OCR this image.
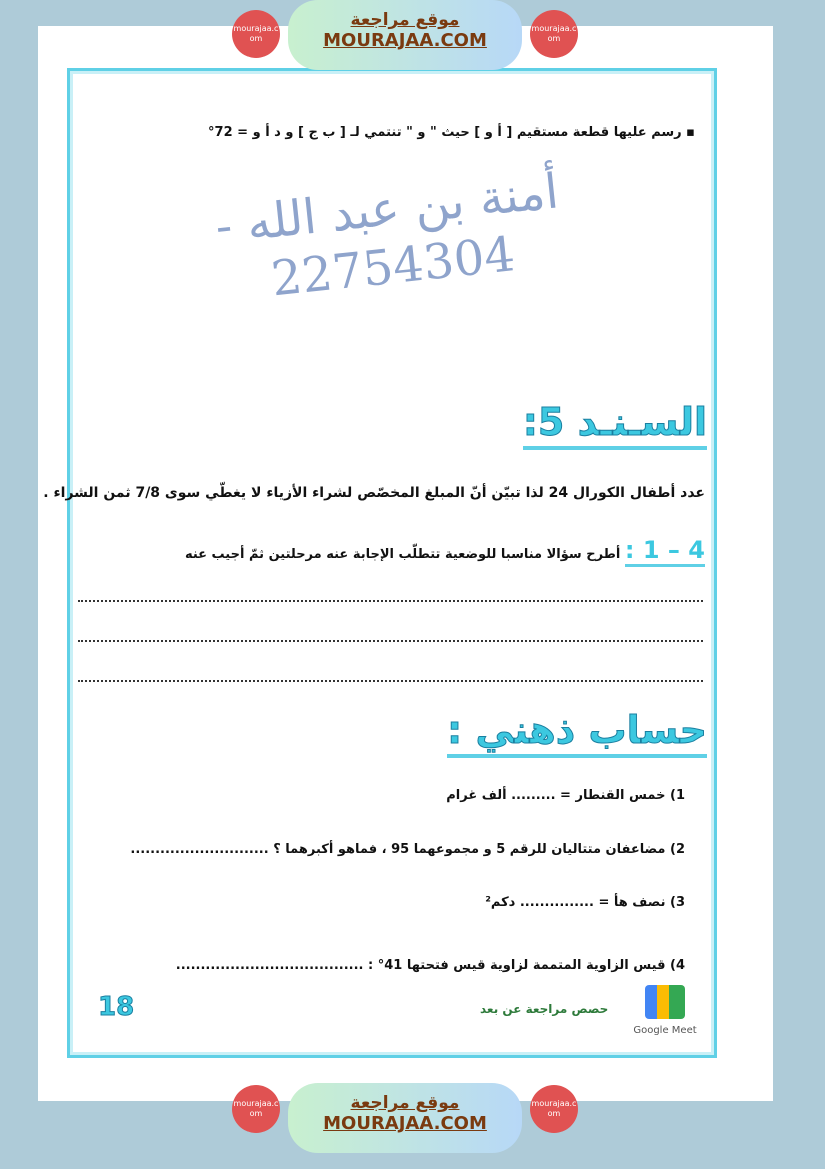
mourajaa.com
موقع مراجعة
MOURAJAA.COM
mourajaa.com
▪ رسم عليها قطعة مستقيم [ أ و ] حيث " و " تنتمي لـ [ ب ج ] و د أ و = 72°
أمنة بن عبد الله - 22754304
السـنـد 5:
عدد أطفال الكورال 24 لذا تبيّن أنّ المبلغ المخصّص لشراء الأزياء لا يغطّي سوى 7/8 ثمن الشراء .
4 – 1 : أطرح سؤالا مناسبا للوضعية تتطلّب الإجابة عنه مرحلتين ثمّ أجيب عنه
حساب ذهني :
1) خمس القنطار = ......... ألف غرام
2) مضاعفان متتاليان للرقم 5 و مجموعهما 95 ، فماهو أكبرهما ؟ ............................
3) نصف هأ = ............... دكم²
4) قيس الزاوية المتممة لزاوية قيس فتحتها 41° : ......................................
18	حصص مراجعة عن بعد
Google Meet
mourajaa.com
موقع مراجعة
MOURAJAA.COM
mourajaa.com
